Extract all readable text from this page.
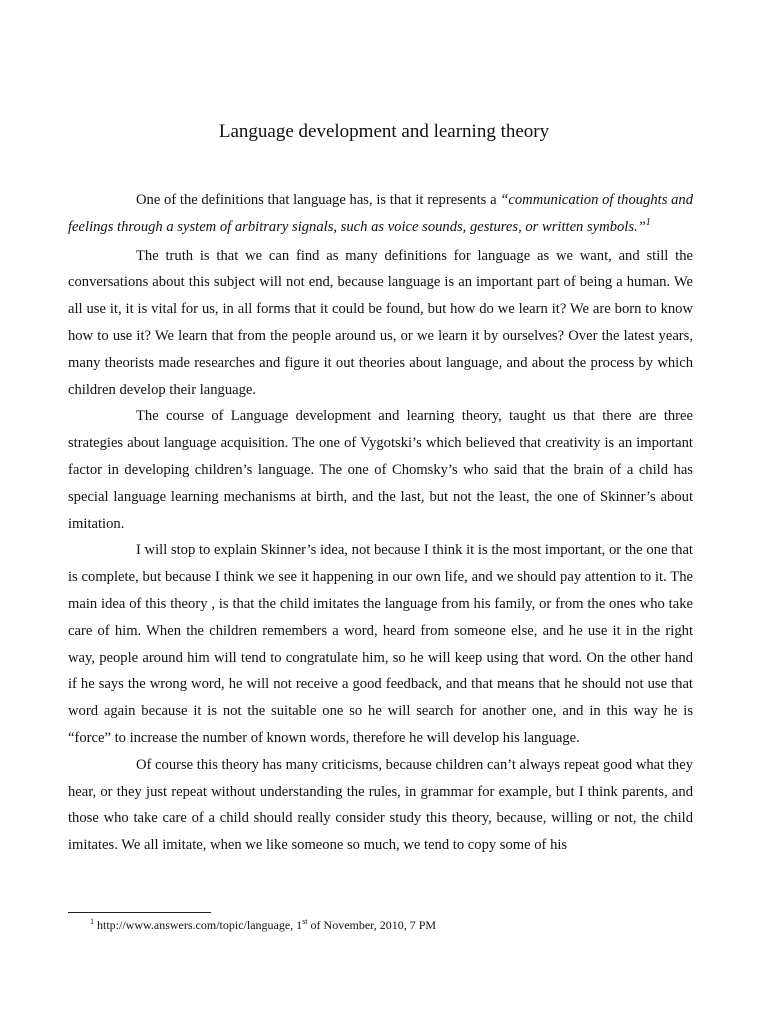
Language development and learning theory

One of the definitions that language has, is that it represents a “communication of thoughts and feelings through a system of arbitrary signals, such as voice sounds, gestures, or written symbols.”$^1$

The truth is that we can find as many definitions for language as we want, and still the conversations about this subject will not end, because language is an important part of being a human. We all use it, it is vital for us, in all forms that it could be found, but how do we learn it? We are born to know how to use it? We learn that from the people around us, or we learn it by ourselves? Over the latest years, many theorists made researches and figure it out theories about language, and about the process by which children develop their language.

The course of Language development and learning theory, taught us that there are three strategies about language acquisition. The one of Vygotski’s which believed that creativity is an important factor in developing children’s language. The one of Chomsky’s who said that the brain of a child has special language learning mechanisms at birth, and the last, but not the least, the one of Skinner’s about imitation.

I will stop to explain Skinner’s idea, not because I think it is the most important, or the one that is complete, but because I think we see it happening in our own life, and we should pay attention to it. The main idea of this theory , is that the child imitates the language from his family, or from the ones who take care of him. When the children remembers a word, heard from someone else, and he use it in the right way, people around him will tend to congratulate him, so he will keep using that word. On the other hand if he says the wrong word, he will not receive a good feedback, and that means that he should not use that word again because it is not the suitable one so he will search for another one, and in this way he is “force” to increase the number of known words, therefore he will develop his language.

Of course this theory has many criticisms, because children can’t always repeat good what they hear, or they just repeat without understanding the rules, in grammar for example, but I think parents, and those who take care of a child should really consider study this theory, because, willing or not, the child imitates. We all imitate, when we like someone so much, we tend to copy some of his

$^1$ http://www.answers.com/topic/language, 1st of November, 2010, 7 PM
